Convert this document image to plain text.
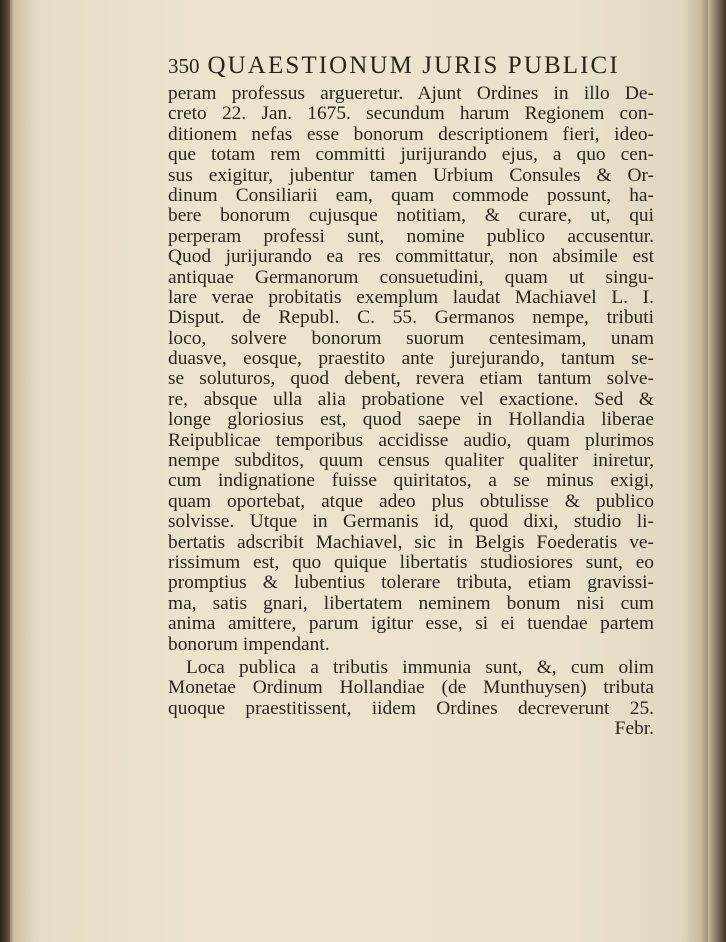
350 QUAESTIONUM JURIS PUBLICI
peram professus argueretur. Ajunt Ordines in illo De-
creto 22. Jan. 1675. secundum harum Regionem con-
ditionem nefas esse bonorum descriptionem fieri, ideo-
que totam rem committi jurijurando ejus, a quo cen-
sus exigitur, jubentur tamen Urbium Consules & Or-
dinum Consiliarii eam, quam commode possunt, ha-
bere bonorum cujusque notitiam, & curare, ut, qui
perperam professi sunt, nomine publico accusentur.
Quod jurijurando ea res committatur, non absimile est
antiquae Germanorum consuetudini, quam ut singu-
lare verae probitatis exemplum laudat Machiavel L. I.
Disput. de Republ. C. 55. Germanos nempe, tributi
loco, solvere bonorum suorum centesimam, unam
duasve, eosque, praestito ante jurejurando, tantum se-
se soluturos, quod debent, revera etiam tantum solve-
re, absque ulla alia probatione vel exactione. Sed &
longe gloriosius est, quod saepe in Hollandia liberae
Reipublicae temporibus accidisse audio, quam plurimos
nempe subditos, quum census qualiter qualiter iniretur,
cum indignatione fuisse quiritatos, a se minus exigi,
quam oportebat, atque adeo plus obtulisse & publico
solvisse. Utque in Germanis id, quod dixi, studio li-
bertatis adscribit Machiavel, sic in Belgis Foederatis ve-
rissimum est, quo quique libertatis studiosiores sunt, eo
promptius & lubentius tolerare tributa, etiam gravissi-
ma, satis gnari, libertatem neminem bonum nisi cum
anima amittere, parum igitur esse, si ei tuendae partem
bonorum impendant.
Loca publica a tributis immunia sunt, &, cum olim
Monetae Ordinum Hollandiae (de Munthuysen) tributa
quoque praestitissent, iidem Ordines decreverunt 25.
Febr.
